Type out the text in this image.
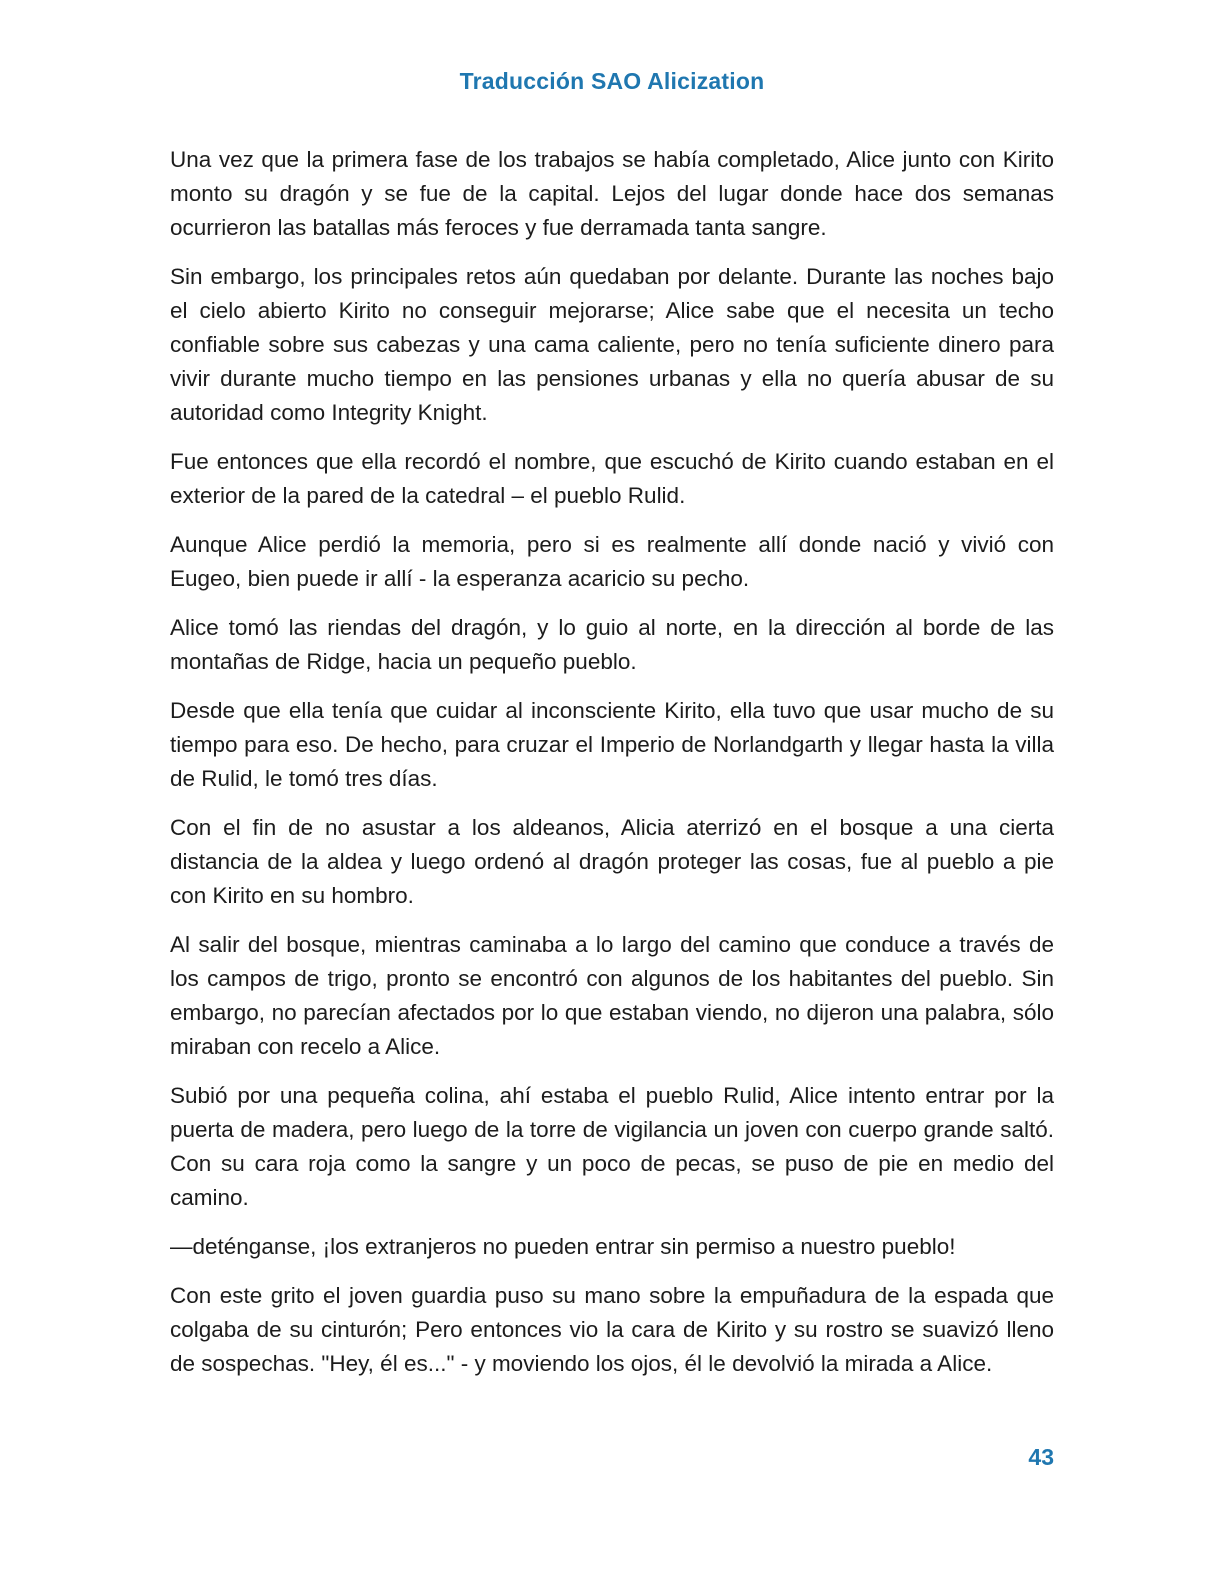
Traducción SAO Alicization

Una vez que la primera fase de los trabajos se había completado, Alice junto con Kirito monto su dragón y se fue de la capital. Lejos del lugar donde hace dos semanas ocurrieron las batallas más feroces y fue derramada tanta sangre.

Sin embargo, los principales retos aún quedaban por delante. Durante las noches bajo el cielo abierto Kirito no conseguir mejorarse; Alice sabe que el necesita un techo confiable sobre sus cabezas y una cama caliente, pero no tenía suficiente dinero para vivir durante mucho tiempo en las pensiones urbanas y ella no quería abusar de su autoridad como Integrity Knight.

Fue entonces que ella recordó el nombre, que escuchó de Kirito cuando estaban en el exterior de la pared de la catedral – el pueblo Rulid.

Aunque Alice perdió la memoria, pero si es realmente allí donde nació y vivió con Eugeo, bien puede ir allí - la esperanza acaricio su pecho.

Alice tomó las riendas del dragón, y lo guio al norte, en la dirección al borde de las montañas de Ridge, hacia un pequeño pueblo.

Desde que ella tenía que cuidar al inconsciente Kirito, ella tuvo que usar mucho de su tiempo para eso. De hecho, para cruzar el Imperio de Norlandgarth y llegar hasta la villa de Rulid, le tomó tres días.

Con el fin de no asustar a los aldeanos, Alicia aterrizó en el bosque a una cierta distancia de la aldea y luego ordenó al dragón proteger las cosas, fue al pueblo a pie con Kirito en su hombro.

Al salir del bosque, mientras caminaba a lo largo del camino que conduce a través de los campos de trigo, pronto se encontró con algunos de los habitantes del pueblo. Sin embargo, no parecían afectados por lo que estaban viendo, no dijeron una palabra, sólo miraban con recelo a Alice.

Subió por una pequeña colina, ahí estaba el pueblo Rulid, Alice intento entrar por la puerta de madera, pero luego de la torre de vigilancia un joven con cuerpo grande saltó. Con su cara roja como la sangre y un poco de pecas, se puso de pie en medio del camino.

—deténganse, ¡los extranjeros no pueden entrar sin permiso a nuestro pueblo!

Con este grito el joven guardia puso su mano sobre la empuñadura de la espada que colgaba de su cinturón; Pero entonces vio la cara de Kirito y su rostro se suavizó lleno de sospechas. "Hey, él es..." - y moviendo los ojos, él le devolvió la mirada a Alice.

43
